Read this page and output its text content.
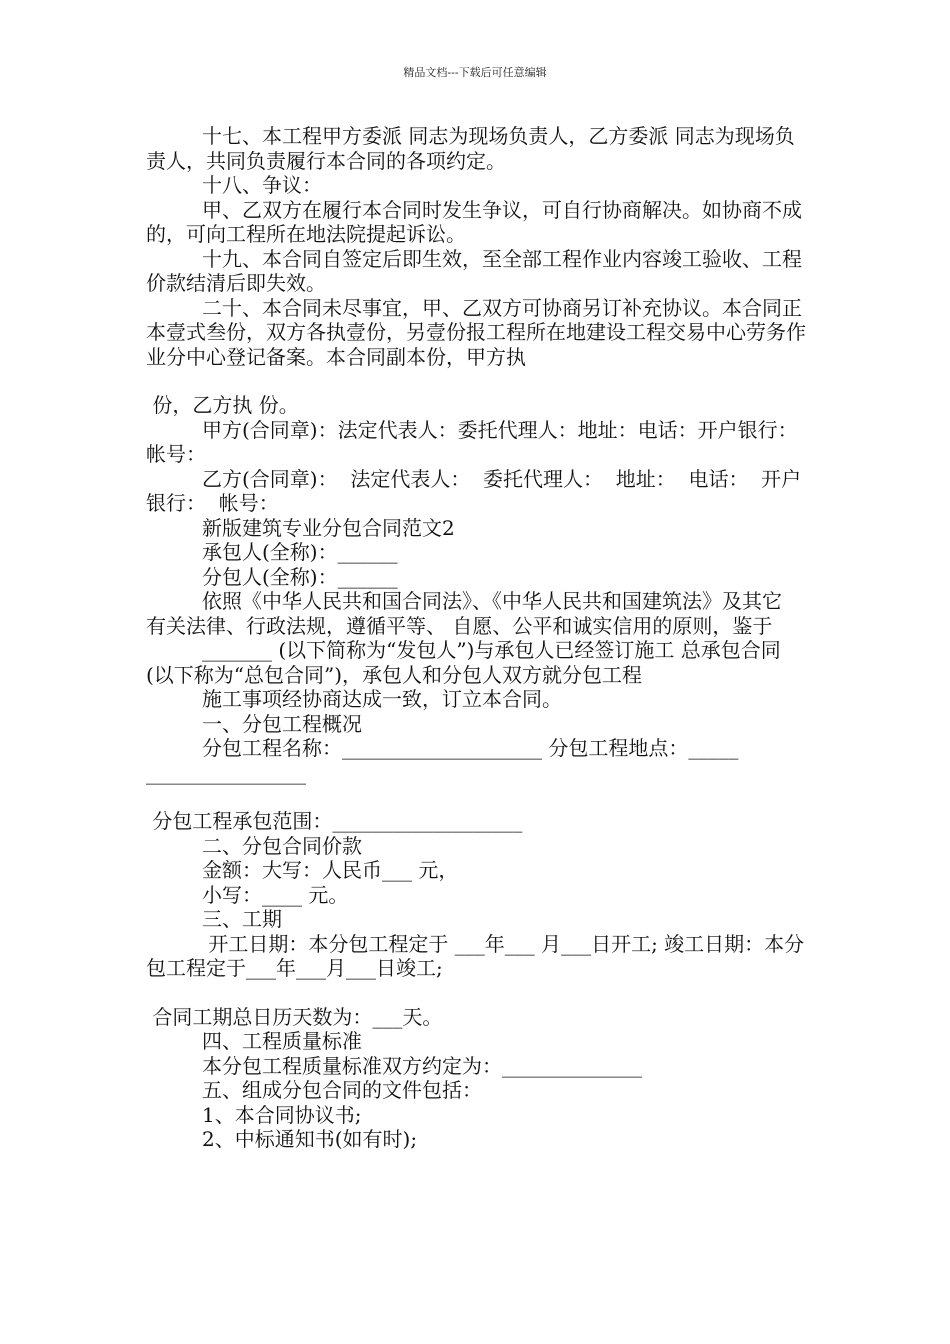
精品文档---下载后可任意编辑

十七、本工程甲方委派 同志为现场负责人，乙方委派 同志为现场负责人，共同负责履行本合同的各项约定。

十八、争议：

甲、乙双方在履行本合同时发生争议，可自行协商解决。如协商不成的，可向工程所在地法院提起诉讼。

十九、本合同自签定后即生效，至全部工程作业内容竣工验收、工程价款结清后即失效。

二十、本合同未尽事宜，甲、乙双方可协商另订补充协议。本合同正本壹式叁份，双方各执壹份，另壹份报工程所在地建设工程交易中心劳务作业分中心登记备案。本合同副本份，甲方执

份，乙方执 份。

甲方(合同章)：法定代表人：委托代理人：地址：电话：开户银行：帐号：

乙方(合同章)：  法定代表人：  委托代理人：  地址：  电话：  开户银行：  帐号：

新版建筑专业分包合同范文2

承包人(全称)：______

分包人(全称)：______

依照《中华人民共和国合同法》、《中华人民共和国建筑法》及其它 有关法律、行政法规，遵循平等、 自愿、公平和诚实信用的原则，鉴于

_______ (以下简称为“发包人”)与承包人已经签订施工 总承包合同(以下称为“总包合同”)，承包人和分包人双方就分包工程

施工事项经协商达成一致，订立本合同。

一、分包工程概况

分包工程名称：____________________ 分包工程地点：_____ ________________

分包工程承包范围：___________________

二、分包合同价款

金额：大写：人民币___ 元，

小写：____ 元。

三、工期

开工日期：本分包工程定于 ___年___ 月___日开工; 竣工日期：本分包工程定于___年___月___日竣工;

合同工期总日历天数为：___天。

四、工程质量标准

本分包工程质量标准双方约定为：______________

五、组成分包合同的文件包括：

1、本合同协议书;

2、中标通知书(如有时);
